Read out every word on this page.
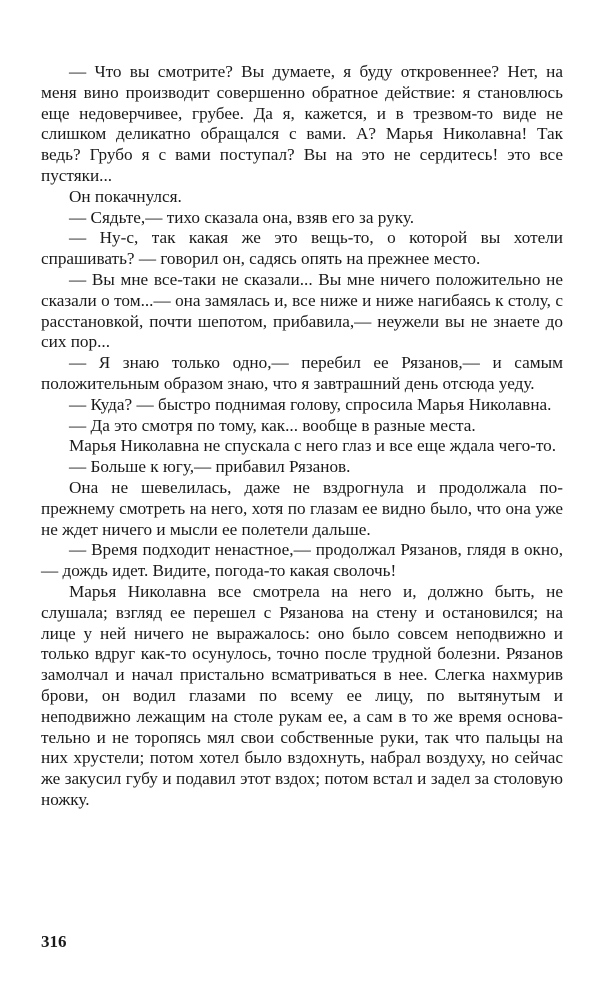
— Что вы смотрите? Вы думаете, я буду откровеннее? Нет, на меня вино производит совершенно обратное действие: я становлюсь еще недоверчивее, грубее. Да я, кажется, и в трезвом-то виде не слишком деликатно обращался с вами. А? Марья Николавна! Так ведь? Грубо я с вами поступал? Вы на это не сердитесь! это все пустяки...

Он покачнулся.

— Сядьте,— тихо сказала она, взяв его за руку.

— Ну-с, так какая же это вещь-то, о которой вы хотели спрашивать? — говорил он, садясь опять на прежнее место.

— Вы мне все-таки не сказали... Вы мне ничего положительно не сказали о том...— она замялась и, все ниже и ниже нагибаясь к столу, с расстановкой, почти шепотом, прибавила,— неужели вы не знаете до сих пор...

— Я знаю только одно,— перебил ее Рязанов,— и самым положительным образом знаю, что я завтрашний день отсюда уеду.

— Куда? — быстро поднимая голову, спросила Марья Николавна.

— Да это смотря по тому, как... вообще в разные места.

Марья Николавна не спускала с него глаз и все еще ждала чего-то.

— Больше к югу,— прибавил Рязанов.

Она не шевелилась, даже не вздрогнула и продолжала по-прежнему смотреть на него, хотя по глазам ее видно было, что она уже не ждет ничего и мысли ее полетели дальше.

— Время подходит ненастное,— продолжал Рязанов, глядя в окно,— дождь идет. Видите, погода-то какая сволочь!

Марья Николавна все смотрела на него и, должно быть, не слушала; взгляд ее перешел с Рязанова на стену и остановился; на лице у ней ничего не выражалось: оно было совсем неподвижно и только вдруг как-то осунулось, точно после трудной болезни. Рязанов замолчал и начал пристально всматриваться в нее. Слегка нахмурив брови, он водил глазами по всему ее лицу, по вытянутым и неподвижно лежащим на столе рукам ее, а сам в то же время основательно и не торопясь мял свои собственные руки, так что пальцы на них хрустели; потом хотел было вздохнуть, набрал воздуху, но сейчас же закусил губу и подавил этот вздох; потом встал и задел за столовую ножку.

316
